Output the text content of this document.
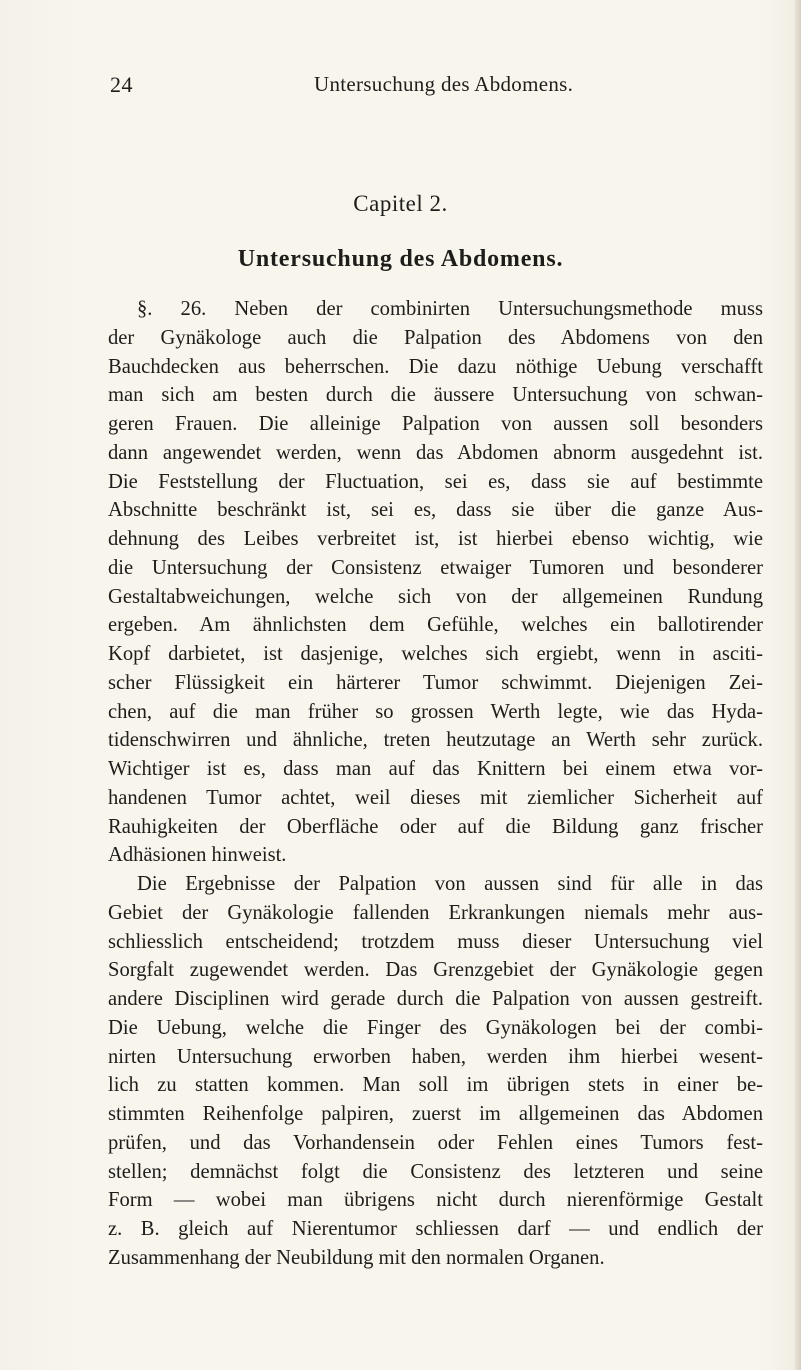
24	Untersuchung des Abdomens.
Capitel 2.
Untersuchung des Abdomens.
§. 26. Neben der combinirten Untersuchungsmethode muss
der Gynäkologe auch die Palpation des Abdomens von den
Bauchdecken aus beherrschen. Die dazu nöthige Uebung verschafft
man sich am besten durch die äussere Untersuchung von schwan-
geren Frauen. Die alleinige Palpation von aussen soll besonders
dann angewendet werden, wenn das Abdomen abnorm ausgedehnt ist.
Die Feststellung der Fluctuation, sei es, dass sie auf bestimmte
Abschnitte beschränkt ist, sei es, dass sie über die ganze Aus-
dehnung des Leibes verbreitet ist, ist hierbei ebenso wichtig, wie
die Untersuchung der Consistenz etwaiger Tumoren und besonderer
Gestaltabweichungen, welche sich von der allgemeinen Rundung
ergeben. Am ähnlichsten dem Gefühle, welches ein ballotirender
Kopf darbietet, ist dasjenige, welches sich ergiebt, wenn in asciti-
scher Flüssigkeit ein härterer Tumor schwimmt. Diejenigen Zei-
chen, auf die man früher so grossen Werth legte, wie das Hyda-
tidenschwirren und ähnliche, treten heutzutage an Werth sehr zurück.
Wichtiger ist es, dass man auf das Knittern bei einem etwa vor-
handenen Tumor achtet, weil dieses mit ziemlicher Sicherheit auf
Rauhigkeiten der Oberfläche oder auf die Bildung ganz frischer
Adhäsionen hinweist.
Die Ergebnisse der Palpation von aussen sind für alle in das
Gebiet der Gynäkologie fallenden Erkrankungen niemals mehr aus-
schliesslich entscheidend; trotzdem muss dieser Untersuchung viel
Sorgfalt zugewendet werden. Das Grenzgebiet der Gynäkologie gegen
andere Disciplinen wird gerade durch die Palpation von aussen gestreift.
Die Uebung, welche die Finger des Gynäkologen bei der combi-
nirten Untersuchung erworben haben, werden ihm hierbei wesent-
lich zu statten kommen. Man soll im übrigen stets in einer be-
stimmten Reihenfolge palpiren, zuerst im allgemeinen das Abdomen
prüfen, und das Vorhandensein oder Fehlen eines Tumors fest-
stellen; demnächst folgt die Consistenz des letzteren und seine
Form — wobei man übrigens nicht durch nierenförmige Gestalt
z. B. gleich auf Nierentumor schliessen darf — und endlich der
Zusammenhang der Neubildung mit den normalen Organen.
